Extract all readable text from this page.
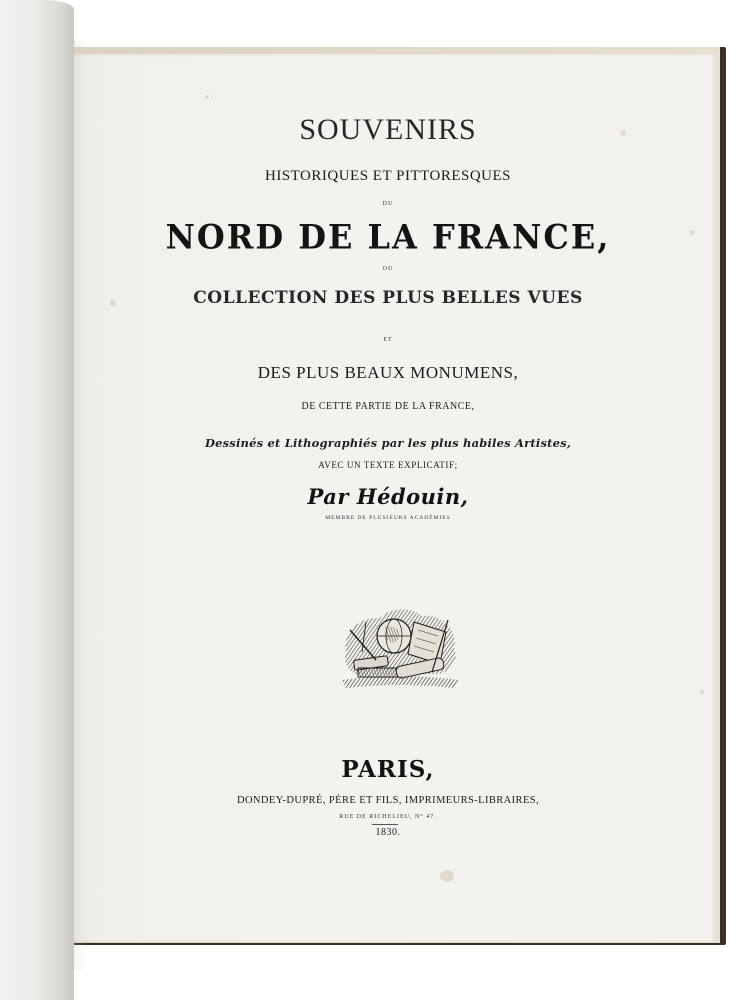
SOUVENIRS
HISTORIQUES ET PITTORESQUES
DU
NORD DE LA FRANCE,
OU
COLLECTION DES PLUS BELLES VUES
ET
DES PLUS BEAUX MONUMENS,
DE CETTE PARTIE DE LA FRANCE,
Dessinés et Lithographiés par les plus habiles Artistes,
AVEC UN TEXTE EXPLICATIF;
Par Hédouin,
MEMBRE DE PLUSIEURS ACADÉMIES
PARIS,
DONDEY-DUPRÉ, PÈRE ET FILS, IMPRIMEURS-LIBRAIRES,
RUE DE RICHELIEU, N° 47.
1830.
